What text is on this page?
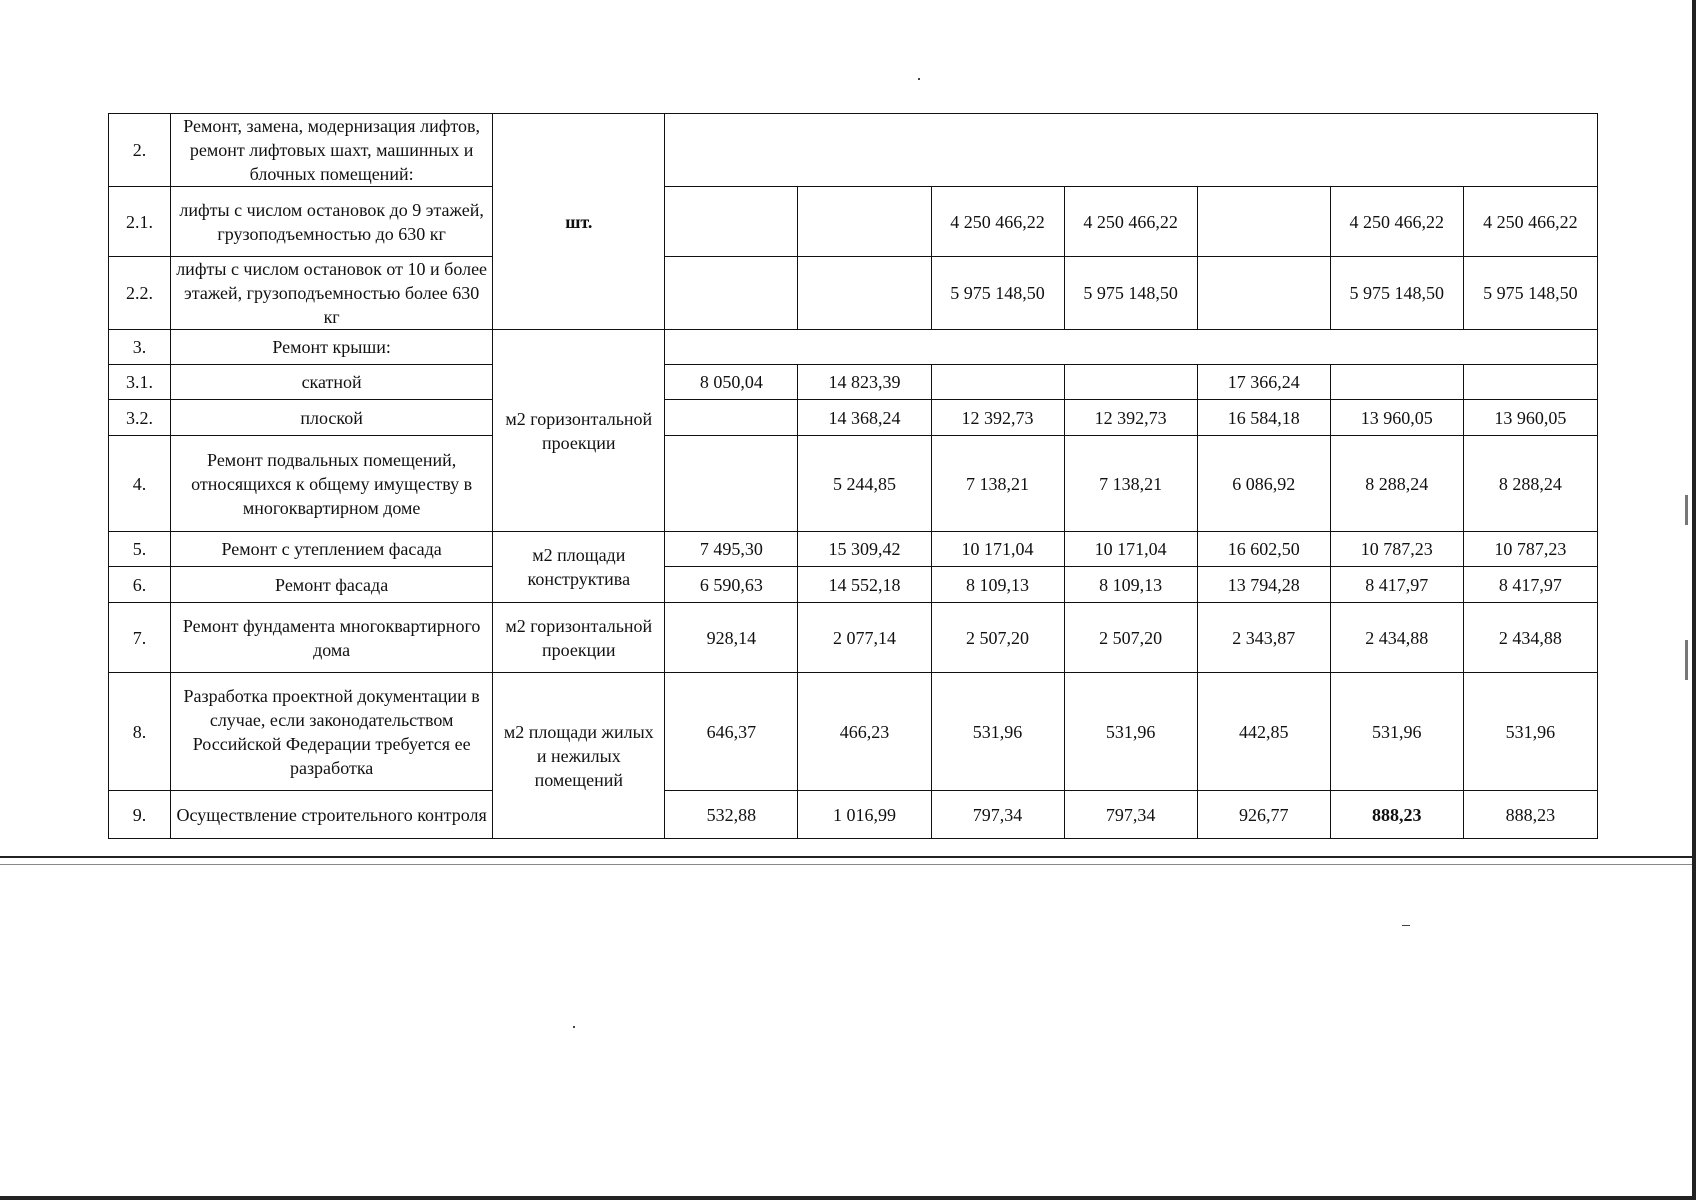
2.	Ремонт, замена, модернизация лифтов, ремонт лифтовых шахт, машинных и блочных помещений:	шт.							
2.1.	лифты с числом остановок до 9 этажей, грузоподъемностью до 630 кг				4 250 466,22	4 250 466,22		4 250 466,22	4 250 466,22
2.2.	лифты с числом остановок от 10 и более этажей, грузоподъемностью более 630 кг				5 975 148,50	5 975 148,50		5 975 148,50	5 975 148,50
3.	Ремонт крыши:	м2 горизонтальной проекции							
3.1.	скатной		8 050,04	14 823,39			17 366,24		
3.2.	плоской			14 368,24	12 392,73	12 392,73	16 584,18	13 960,05	13 960,05
4.	Ремонт подвальных помещений, относящихся к общему имуществу в многоквартирном доме			5 244,85	7 138,21	7 138,21	6 086,92	8 288,24	8 288,24
5.	Ремонт с утеплением фасада	м2 площади конструктива	7 495,30	15 309,42	10 171,04	10 171,04	16 602,50	10 787,23	10 787,23
6.	Ремонт фасада		6 590,63	14 552,18	8 109,13	8 109,13	13 794,28	8 417,97	8 417,97
7.	Ремонт фундамента многоквартирного дома	м2 горизонтальной проекции	928,14	2 077,14	2 507,20	2 507,20	2 343,87	2 434,88	2 434,88
8.	Разработка проектной документации в случае, если законодательством Российской Федерации требуется ее разработка	м2 площади жилых и нежилых помещений	646,37	466,23	531,96	531,96	442,85	531,96	531,96
9.	Осуществление строительного контроля		532,88	1 016,99	797,34	797,34	926,77	888,23	888,23
